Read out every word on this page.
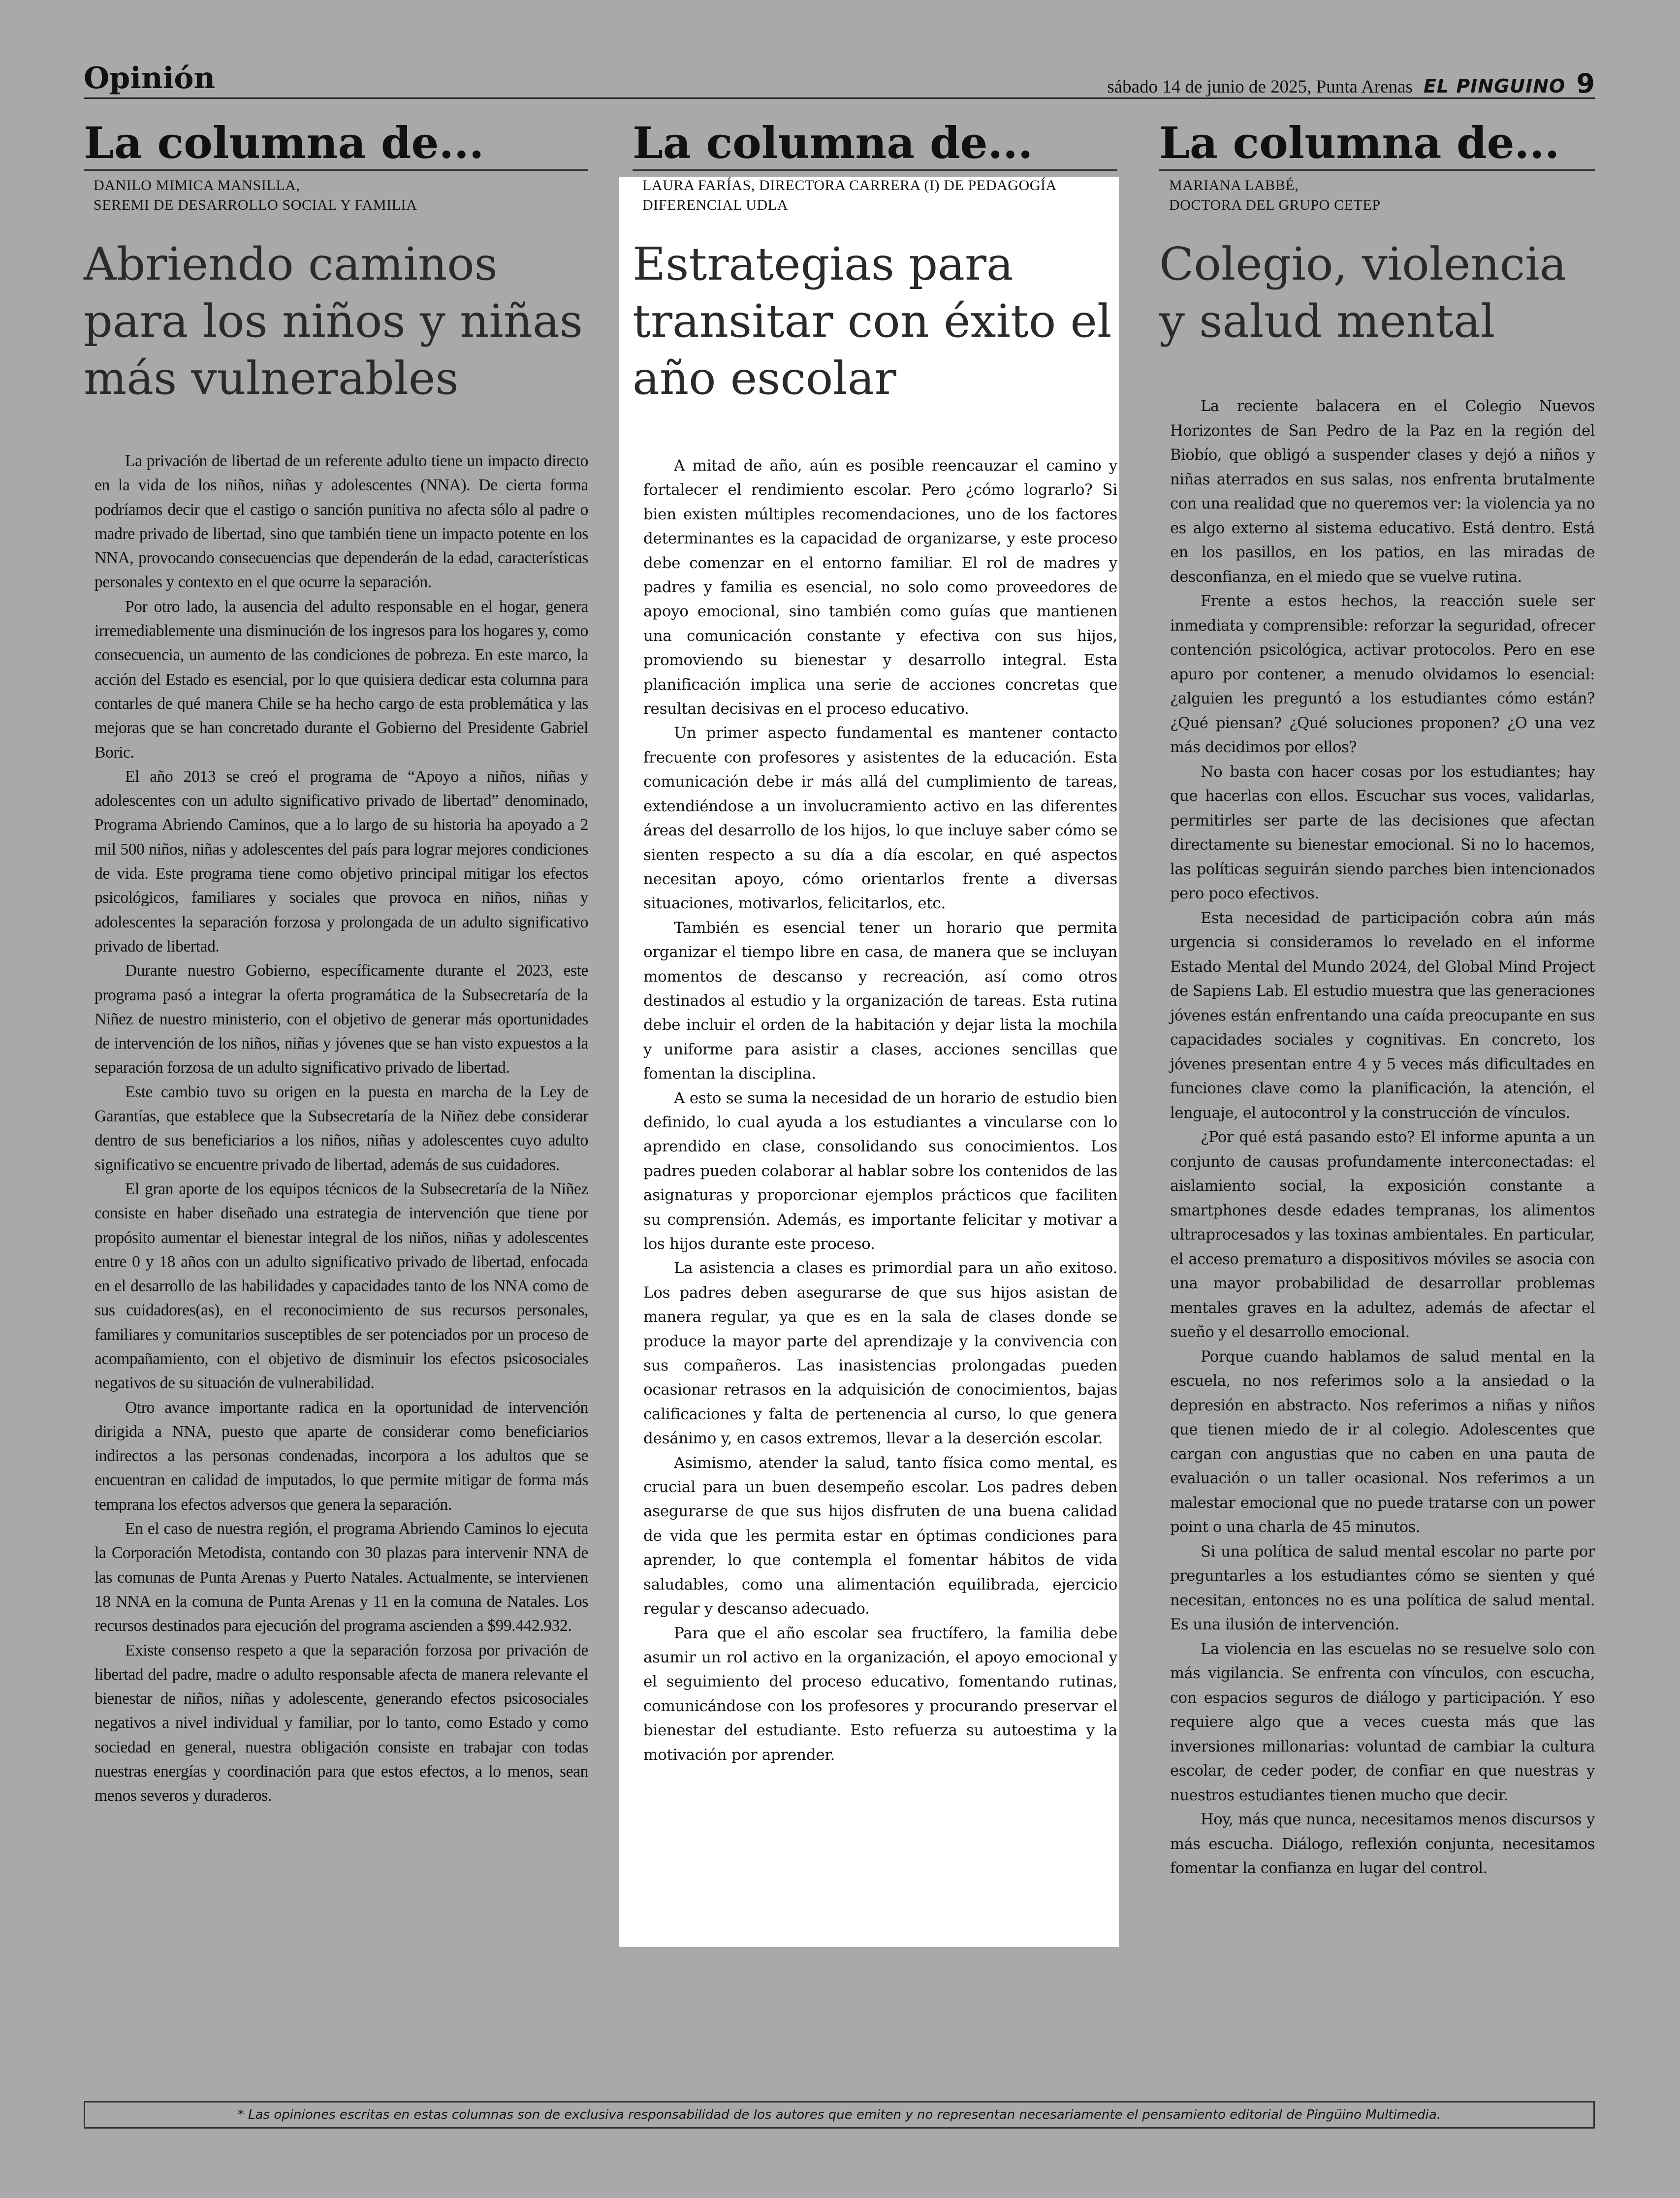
Opinión	sábado 14 de junio de 2025, Punta Arenas EL PINGUINO 9
La columna de...
DANILO MIMICA MANSILLA,
SEREMI DE DESARROLLO SOCIAL Y FAMILIA
Abriendo caminos para los niños y niñas más vulnerables

La privación de libertad de un referente adulto tiene un impacto directo en la vida de los niños, niñas y adolescentes (NNA). De cierta forma podríamos decir que el castigo o sanción punitiva no afecta sólo al padre o madre privado de libertad, sino que también tiene un impacto potente en los NNA, provocando consecuencias que dependerán de la edad, características personales y contexto en el que ocurre la separación.

Por otro lado, la ausencia del adulto responsable en el hogar, genera irremediablemente una disminución de los ingresos para los hogares y, como consecuencia, un aumento de las condiciones de pobreza. En este marco, la acción del Estado es esencial, por lo que quisiera dedicar esta columna para contarles de qué manera Chile se ha hecho cargo de esta problemática y las mejoras que se han concretado durante el Gobierno del Presidente Gabriel Boric.

El año 2013 se creó el programa de “Apoyo a niños, niñas y adolescentes con un adulto significativo privado de libertad” denominado, Programa Abriendo Caminos, que a lo largo de su historia ha apoyado a 2 mil 500 niños, niñas y adolescentes del país para lograr mejores condiciones de vida. Este programa tiene como objetivo principal mitigar los efectos psicológicos, familiares y sociales que provoca en niños, niñas y adolescentes la separación forzosa y prolongada de un adulto significativo privado de libertad.

Durante nuestro Gobierno, específicamente durante el 2023, este programa pasó a integrar la oferta programática de la Subsecretaría de la Niñez de nuestro ministerio, con el objetivo de generar más oportunidades de intervención de los niños, niñas y jóvenes que se han visto expuestos a la separación forzosa de un adulto significativo privado de libertad.

Este cambio tuvo su origen en la puesta en marcha de la Ley de Garantías, que establece que la Subsecretaría de la Niñez debe considerar dentro de sus beneficiarios a los niños, niñas y adolescentes cuyo adulto significativo se encuentre privado de libertad, además de sus cuidadores.

El gran aporte de los equipos técnicos de la Subsecretaría de la Niñez consiste en haber diseñado una estrategia de intervención que tiene por propósito aumentar el bienestar integral de los niños, niñas y adolescentes entre 0 y 18 años con un adulto significativo privado de libertad, enfocada en el desarrollo de las habilidades y capacidades tanto de los NNA como de sus cuidadores(as), en el reconocimiento de sus recursos personales, familiares y comunitarios susceptibles de ser potenciados por un proceso de acompañamiento, con el objetivo de disminuir los efectos psicosociales negativos de su situación de vulnerabilidad.

Otro avance importante radica en la oportunidad de intervención dirigida a NNA, puesto que aparte de considerar como beneficiarios indirectos a las personas condenadas, incorpora a los adultos que se encuentran en calidad de imputados, lo que permite mitigar de forma más temprana los efectos adversos que genera la separación.

En el caso de nuestra región, el programa Abriendo Caminos lo ejecuta la Corporación Metodista, contando con 30 plazas para intervenir NNA de las comunas de Punta Arenas y Puerto Natales. Actualmente, se intervienen 18 NNA en la comuna de Punta Arenas y 11 en la comuna de Natales. Los recursos destinados para ejecución del programa ascienden a $99.442.932.

Existe consenso respeto a que la separación forzosa por privación de libertad del padre, madre o adulto responsable afecta de manera relevante el bienestar de niños, niñas y adolescente, generando efectos psicosociales negativos a nivel individual y familiar, por lo tanto, como Estado y como sociedad en general, nuestra obligación consiste en trabajar con todas nuestras energías y coordinación para que estos efectos, a lo menos, sean menos severos y duraderos.

La columna de...
LAURA FARÍAS, DIRECTORA CARRERA (I) DE PEDAGOGÍA
DIFERENCIAL UDLA
Estrategias para transitar con éxito el año escolar

A mitad de año, aún es posible reencauzar el camino y fortalecer el rendimiento escolar. Pero ¿cómo lograrlo? Si bien existen múltiples recomendaciones, uno de los factores determinantes es la capacidad de organizarse, y este proceso debe comenzar en el entorno familiar. El rol de madres y padres y familia es esencial, no solo como proveedores de apoyo emocional, sino también como guías que mantienen una comunicación constante y efectiva con sus hijos, promoviendo su bienestar y desarrollo integral. Esta planificación implica una serie de acciones concretas que resultan decisivas en el proceso educativo.

Un primer aspecto fundamental es mantener contacto frecuente con profesores y asistentes de la educación. Esta comunicación debe ir más allá del cumplimiento de tareas, extendiéndose a un involucramiento activo en las diferentes áreas del desarrollo de los hijos, lo que incluye saber cómo se sienten respecto a su día a día escolar, en qué aspectos necesitan apoyo, cómo orientarlos frente a diversas situaciones, motivarlos, felicitarlos, etc.

También es esencial tener un horario que permita organizar el tiempo libre en casa, de manera que se incluyan momentos de descanso y recreación, así como otros destinados al estudio y la organización de tareas. Esta rutina debe incluir el orden de la habitación y dejar lista la mochila y uniforme para asistir a clases, acciones sencillas que fomentan la disciplina.

A esto se suma la necesidad de un horario de estudio bien definido, lo cual ayuda a los estudiantes a vincularse con lo aprendido en clase, consolidando sus conocimientos. Los padres pueden colaborar al hablar sobre los contenidos de las asignaturas y proporcionar ejemplos prácticos que faciliten su comprensión. Además, es importante felicitar y motivar a los hijos durante este proceso.

La asistencia a clases es primordial para un año exitoso. Los padres deben asegurarse de que sus hijos asistan de manera regular, ya que es en la sala de clases donde se produce la mayor parte del aprendizaje y la convivencia con sus compañeros. Las inasistencias prolongadas pueden ocasionar retrasos en la adquisición de conocimientos, bajas calificaciones y falta de pertenencia al curso, lo que genera desánimo y, en casos extremos, llevar a la deserción escolar.

Asimismo, atender la salud, tanto física como mental, es crucial para un buen desempeño escolar. Los padres deben asegurarse de que sus hijos disfruten de una buena calidad de vida que les permita estar en óptimas condiciones para aprender, lo que contempla el fomentar hábitos de vida saludables, como una alimentación equilibrada, ejercicio regular y descanso adecuado.

Para que el año escolar sea fructífero, la familia debe asumir un rol activo en la organización, el apoyo emocional y el seguimiento del proceso educativo, fomentando rutinas, comunicándose con los profesores y procurando preservar el bienestar del estudiante. Esto refuerza su autoestima y la motivación por aprender.

La columna de...
MARIANA LABBÉ,
DOCTORA DEL GRUPO CETEP
Colegio, violencia y salud mental

La reciente balacera en el Colegio Nuevos Horizontes de San Pedro de la Paz en la región del Biobío, que obligó a suspender clases y dejó a niños y niñas aterrados en sus salas, nos enfrenta brutalmente con una realidad que no queremos ver: la violencia ya no es algo externo al sistema educativo. Está dentro. Está en los pasillos, en los patios, en las miradas de desconfianza, en el miedo que se vuelve rutina.

Frente a estos hechos, la reacción suele ser inmediata y comprensible: reforzar la seguridad, ofrecer contención psicológica, activar protocolos. Pero en ese apuro por contener, a menudo olvidamos lo esencial: ¿alguien les preguntó a los estudiantes cómo están? ¿Qué piensan? ¿Qué soluciones proponen? ¿O una vez más decidimos por ellos?

No basta con hacer cosas por los estudiantes; hay que hacerlas con ellos. Escuchar sus voces, validarlas, permitirles ser parte de las decisiones que afectan directamente su bienestar emocional. Si no lo hacemos, las políticas seguirán siendo parches bien intencionados pero poco efectivos.

Esta necesidad de participación cobra aún más urgencia si consideramos lo revelado en el informe Estado Mental del Mundo 2024, del Global Mind Project de Sapiens Lab. El estudio muestra que las generaciones jóvenes están enfrentando una caída preocupante en sus capacidades sociales y cognitivas. En concreto, los jóvenes presentan entre 4 y 5 veces más dificultades en funciones clave como la planificación, la atención, el lenguaje, el autocontrol y la construcción de vínculos.

¿Por qué está pasando esto? El informe apunta a un conjunto de causas profundamente interconectadas: el aislamiento social, la exposición constante a smartphones desde edades tempranas, los alimentos ultraprocesados y las toxinas ambientales. En particular, el acceso prematuro a dispositivos móviles se asocia con una mayor probabilidad de desarrollar problemas mentales graves en la adultez, además de afectar el sueño y el desarrollo emocional.

Porque cuando hablamos de salud mental en la escuela, no nos referimos solo a la ansiedad o la depresión en abstracto. Nos referimos a niñas y niños que tienen miedo de ir al colegio. Adolescentes que cargan con angustias que no caben en una pauta de evaluación o un taller ocasional. Nos referimos a un malestar emocional que no puede tratarse con un power point o una charla de 45 minutos.

Si una política de salud mental escolar no parte por preguntarles a los estudiantes cómo se sienten y qué necesitan, entonces no es una política de salud mental. Es una ilusión de intervención.

La violencia en las escuelas no se resuelve solo con más vigilancia. Se enfrenta con vínculos, con escucha, con espacios seguros de diálogo y participación. Y eso requiere algo que a veces cuesta más que las inversiones millonarias: voluntad de cambiar la cultura escolar, de ceder poder, de confiar en que nuestras y nuestros estudiantes tienen mucho que decir.

Hoy, más que nunca, necesitamos menos discursos y más escucha. Diálogo, reflexión conjunta, necesitamos fomentar la confianza en lugar del control.

* Las opiniones escritas en estas columnas son de exclusiva responsabilidad de los autores que emiten y no representan necesariamente el pensamiento editorial de Pingüino Multimedia.
